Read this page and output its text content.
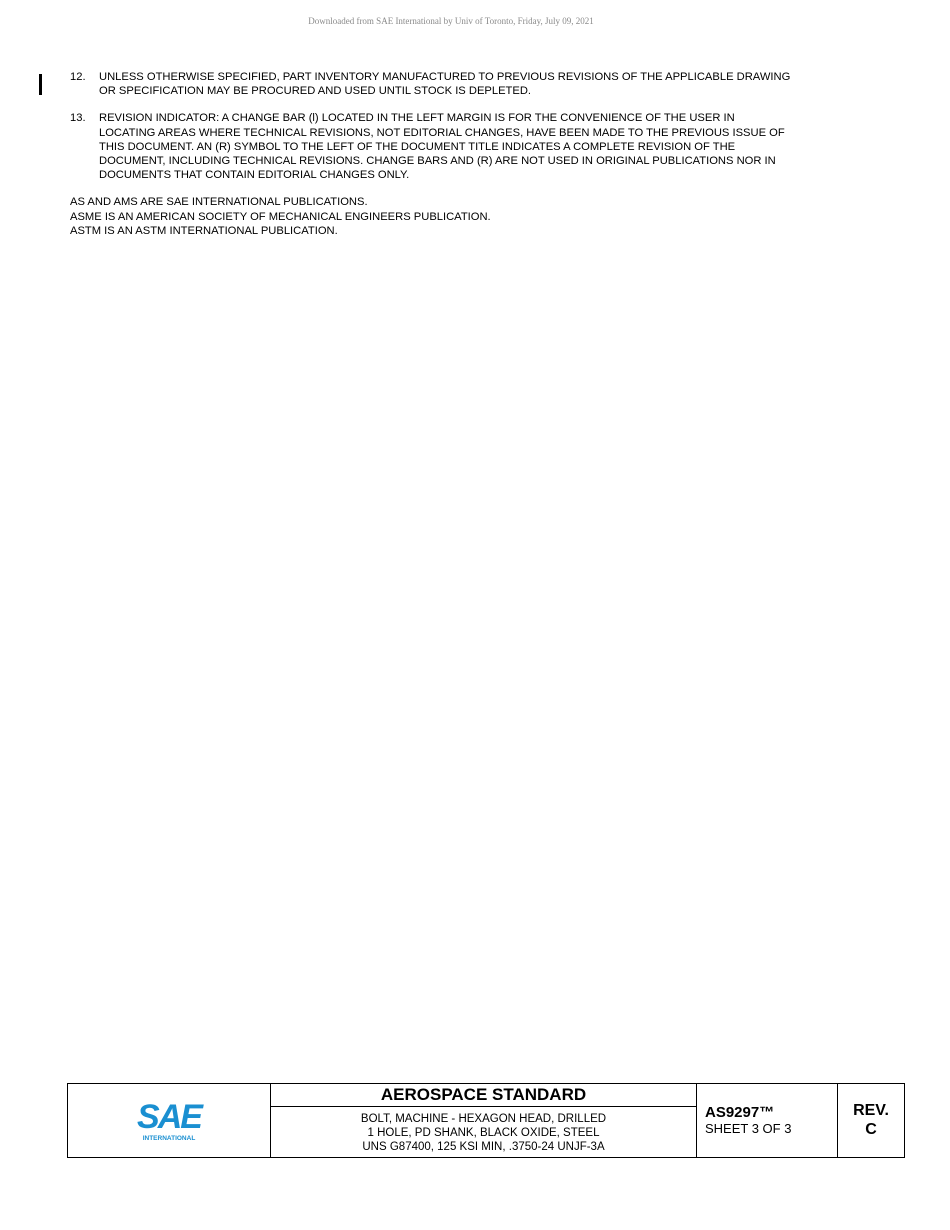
Downloaded from SAE International by Univ of Toronto, Friday, July 09, 2021
12.	UNLESS OTHERWISE SPECIFIED, PART INVENTORY MANUFACTURED TO PREVIOUS REVISIONS OF THE APPLICABLE DRAWING
OR SPECIFICATION MAY BE PROCURED AND USED UNTIL STOCK IS DEPLETED.
13.	REVISION INDICATOR: A CHANGE BAR (l) LOCATED IN THE LEFT MARGIN IS FOR THE CONVENIENCE OF THE USER IN
LOCATING AREAS WHERE TECHNICAL REVISIONS, NOT EDITORIAL CHANGES, HAVE BEEN MADE TO THE PREVIOUS ISSUE OF
THIS DOCUMENT. AN (R) SYMBOL TO THE LEFT OF THE DOCUMENT TITLE INDICATES A COMPLETE REVISION OF THE
DOCUMENT, INCLUDING TECHNICAL REVISIONS. CHANGE BARS AND (R) ARE NOT USED IN ORIGINAL PUBLICATIONS NOR IN
DOCUMENTS THAT CONTAIN EDITORIAL CHANGES ONLY.
AS AND AMS ARE SAE INTERNATIONAL PUBLICATIONS.
ASME IS AN AMERICAN SOCIETY OF MECHANICAL ENGINEERS PUBLICATION.
ASTM IS AN ASTM INTERNATIONAL PUBLICATION.
SAE
INTERNATIONAL
AEROSPACE STANDARD
BOLT, MACHINE - HEXAGON HEAD, DRILLED
1 HOLE, PD SHANK, BLACK OXIDE, STEEL
UNS G87400, 125 KSI MIN, .3750-24 UNJF-3A
AS9297™
SHEET 3 OF 3
REV.
C
